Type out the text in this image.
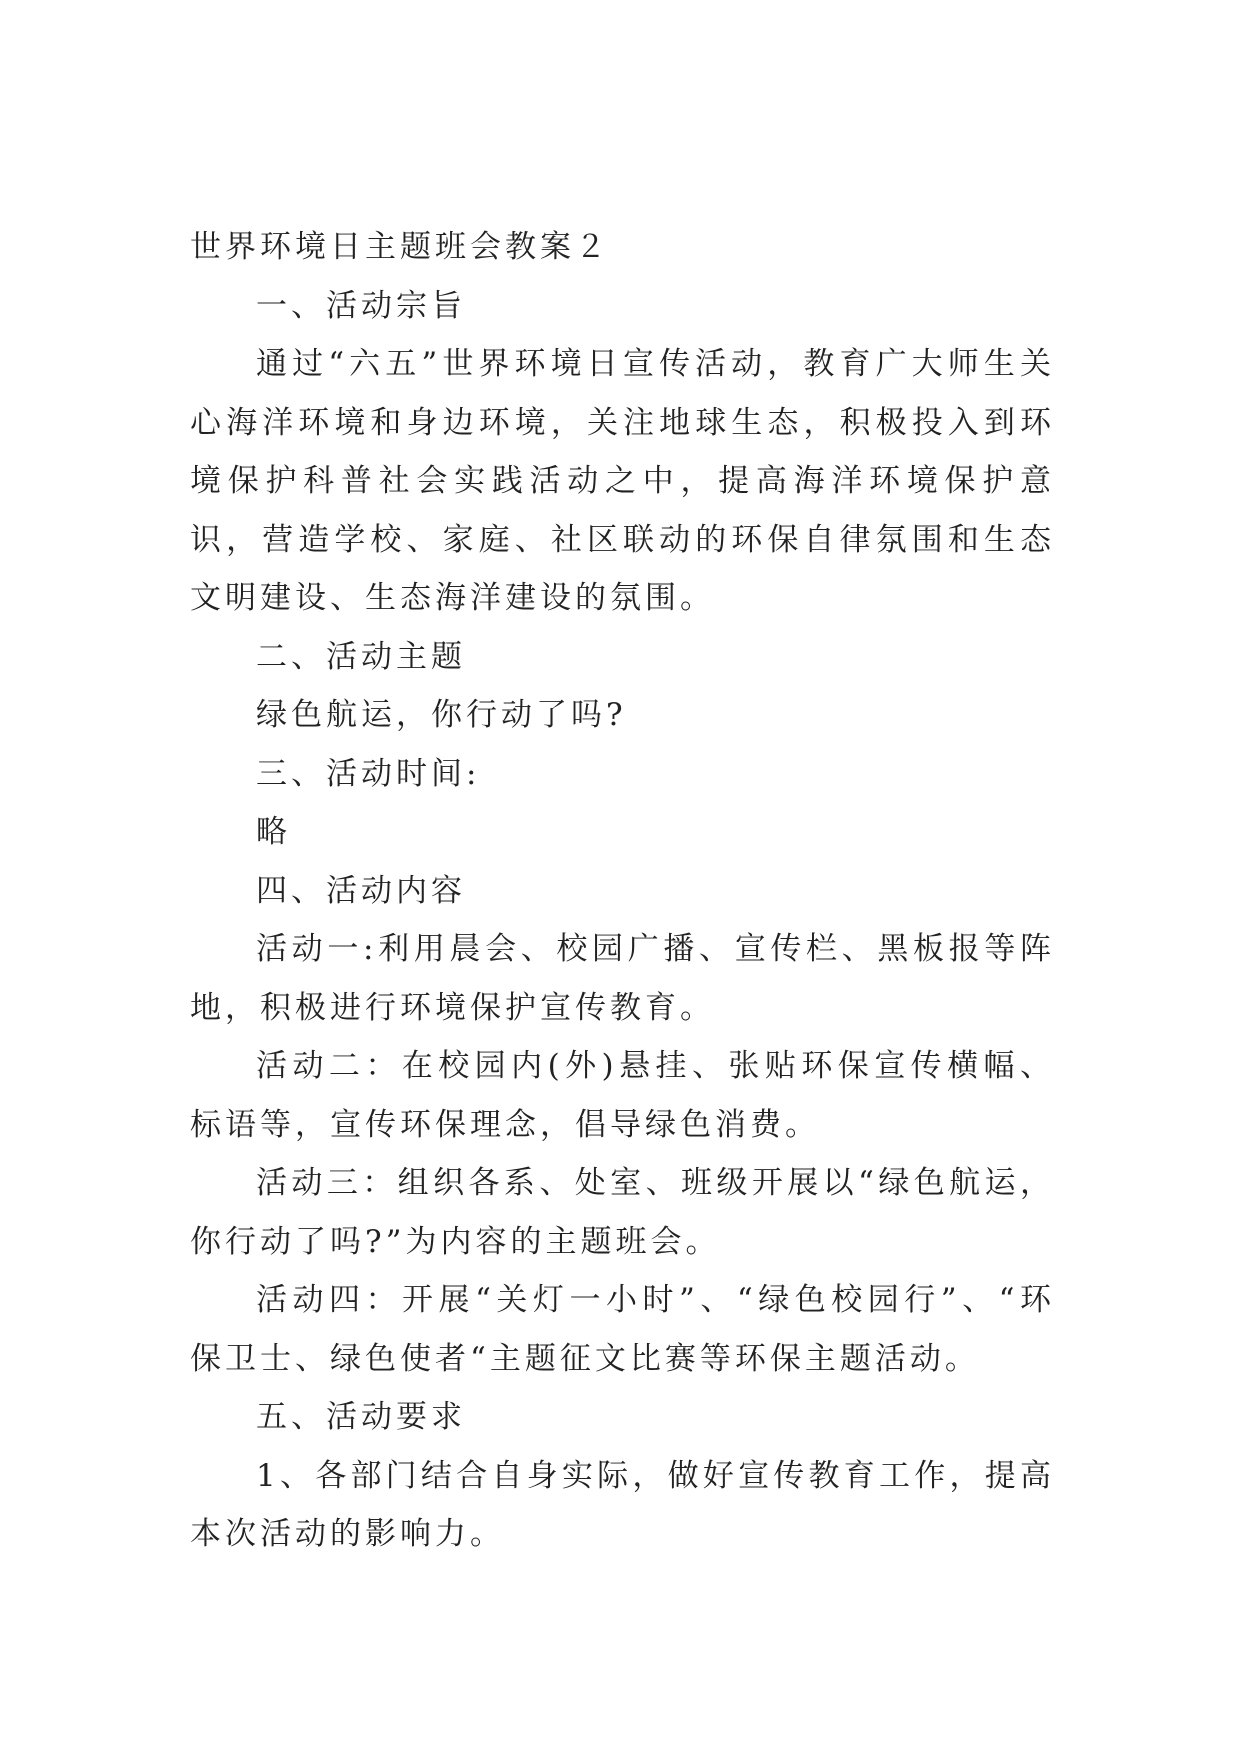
世界环境日主题班会教案２

一、活动宗旨

通过“六五”世界环境日宣传活动，教育广大师生关心海洋环境和身边环境，关注地球生态，积极投入到环境保护科普社会实践活动之中，提高海洋环境保护意识，营造学校、家庭、社区联动的环保自律氛围和生态文明建设、生态海洋建设的氛围。

二、活动主题

绿色航运，你行动了吗?

三、活动时间:

略

四、活动内容

活动一:利用晨会、校园广播、宣传栏、黑板报等阵地，积极进行环境保护宣传教育。

活动二：在校园内(外)悬挂、张贴环保宣传横幅、标语等，宣传环保理念，倡导绿色消费。

活动三：组织各系、处室、班级开展以“绿色航运，你行动了吗?”为内容的主题班会。

活动四：开展“关灯一小时”、“绿色校园行”、“环保卫士、绿色使者“主题征文比赛等环保主题活动。

五、活动要求

1、各部门结合自身实际，做好宣传教育工作，提高本次活动的影响力。
